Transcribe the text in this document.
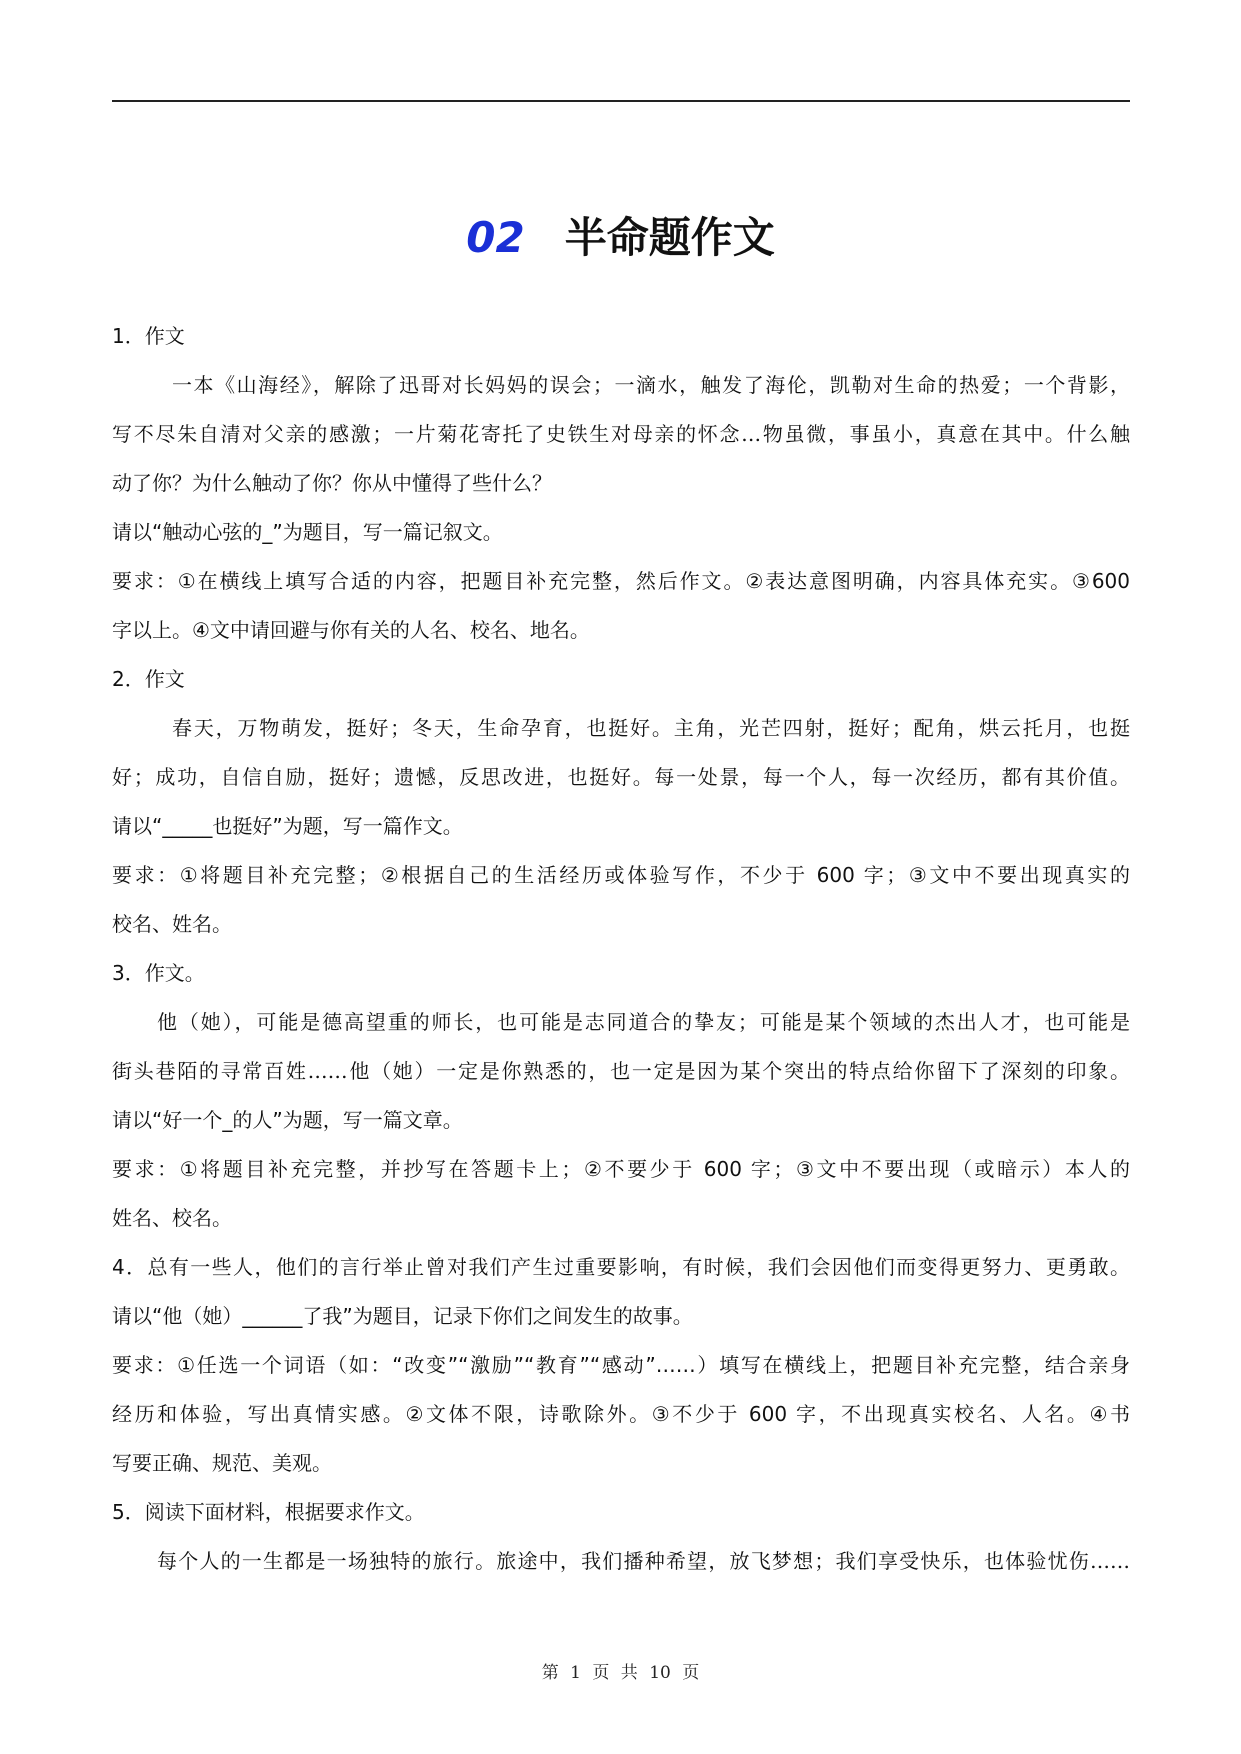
02 半命题作文
1．作文
一本《山海经》，解除了迅哥对长妈妈的误会；一滴水，触发了海伦，凯勒对生命的热爱；一个背影，
写不尽朱自清对父亲的感激；一片菊花寄托了史铁生对母亲的怀念…物虽微，事虽小，真意在其中。什么触
动了你？为什么触动了你？你从中懂得了些什么？
请以“触动心弦的_”为题目，写一篇记叙文。
要求：①在横线上填写合适的内容，把题目补充完整，然后作文。②表达意图明确，内容具体充实。③600
字以上。④文中请回避与你有关的人名、校名、地名。
2．作文
春天，万物萌发，挺好；冬天，生命孕育，也挺好。主角，光芒四射，挺好；配角，烘云托月，也挺
好；成功，自信自励，挺好；遗憾，反思改进，也挺好。每一处景，每一个人，每一次经历，都有其价值。
请以“_____也挺好”为题，写一篇作文。
要求：①将题目补充完整；②根据自己的生活经历或体验写作，不少于 600 字；③文中不要出现真实的
校名、姓名。
3．作文。
他（她），可能是德高望重的师长，也可能是志同道合的挚友；可能是某个领域的杰出人才，也可能是
街头巷陌的寻常百姓……他（她）一定是你熟悉的，也一定是因为某个突出的特点给你留下了深刻的印象。
请以“好一个_的人”为题，写一篇文章。
要求：①将题目补充完整，并抄写在答题卡上；②不要少于 600 字；③文中不要出现（或暗示）本人的
姓名、校名。
4．总有一些人，他们的言行举止曾对我们产生过重要影响，有时候，我们会因他们而变得更努力、更勇敢。
请以“他（她）______了我”为题目，记录下你们之间发生的故事。
要求：①任选一个词语（如：“改变”“激励”“教育”“感动”……）填写在横线上，把题目补充完整，结合亲身
经历和体验，写出真情实感。②文体不限，诗歌除外。③不少于 600 字，不出现真实校名、人名。④书
写要正确、规范、美观。
5．阅读下面材料，根据要求作文。
每个人的一生都是一场独特的旅行。旅途中，我们播种希望，放飞梦想；我们享受快乐，也体验忧伤……
第 1 页 共 10 页
